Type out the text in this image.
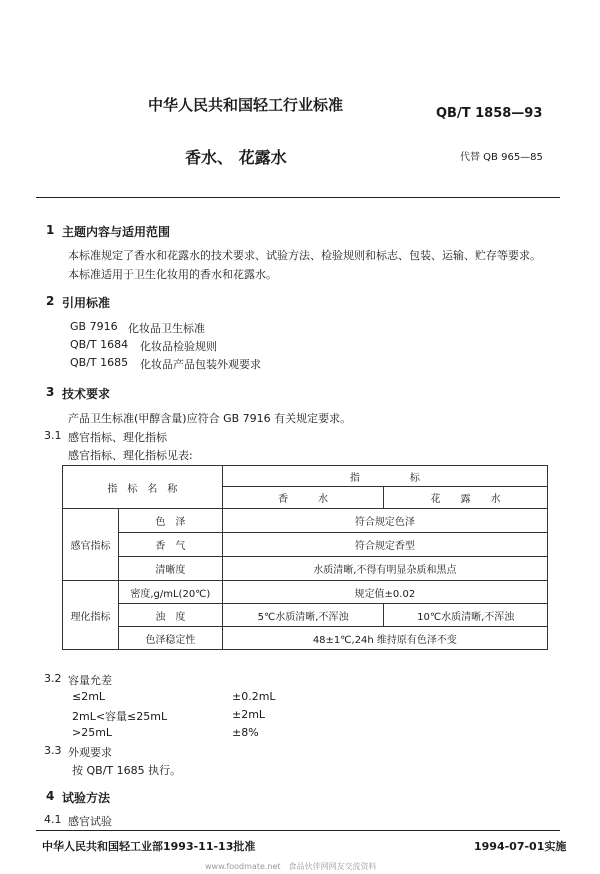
中华人民共和国轻工行业标准	QB/T 1858—93
香水、 花露水	代替 QB 965—85
1 主题内容与适用范围
本标准规定了香水和花露水的技术要求、试验方法、检验规则和标志、包装、运输、贮存等要求。
本标准适用于卫生化妆用的香水和花露水。
2 引用标准
GB 7916 化妆品卫生标准
QB/T 1684 化妆品检验规则
QB/T 1685 化妆品产品包装外观要求
3 技术要求
产品卫生标准(甲醇含量)应符合 GB 7916 有关规定要求。
3.1 感官指标、理化指标
感官指标、理化指标见表:
指　标　名　称		指　　　　　标	
		香　　　水	花　　露　　水
感官指标	色　泽	符合规定色泽	
	香　气	符合规定香型	
	清晰度	水质清晰,不得有明显杂质和黑点	
理化指标	密度,g/mL(20℃)	规定值±0.02	
	浊　度	5℃水质清晰,不浑浊	10℃水质清晰,不浑浊
	色泽稳定性	48±1℃,24h 维持原有色泽不变	
3.2 容量允差
≤2mL	±0.2mL
2mL<容量≤25mL	±2mL
>25mL	±8%
3.3 外观要求
按 QB/T 1685 执行。
4 试验方法
4.1 感官试验
中华人民共和国轻工业部1993-11-13批准	1994-07-01实施
www.foodmate.net　食品伙伴网网友交流资料
